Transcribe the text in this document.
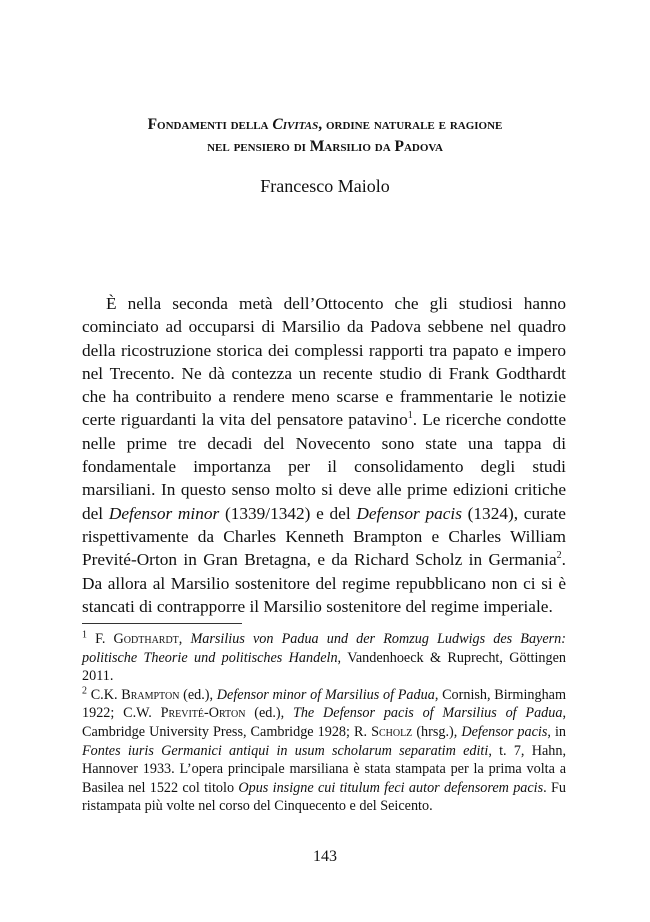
Fondamenti della Civitas, ordine naturale e ragione
nel pensiero di Marsilio da Padova
Francesco Maiolo

È nella seconda metà dell’Ottocento che gli studiosi hanno cominciato ad occuparsi di Marsilio da Padova sebbene nel quadro della ricostruzione storica dei complessi rapporti tra papato e impero nel Trecento. Ne dà contezza un recente studio di Frank Godthardt che ha contribuito a rendere meno scarse e frammentarie le notizie certe riguardanti la vita del pensatore patavino$^1$. Le ricerche condotte nelle prime tre decadi del Novecento sono state una tappa di fondamentale importanza per il consolidamento degli studi marsiliani. In questo senso molto si deve alle prime edizioni critiche del Defensor minor (1339/1342) e del Defensor pacis (1324), curate rispettivamente da Charles Kenneth Brampton e Charles William Previté-Orton in Gran Bretagna, e da Richard Scholz in Germania$^2$. Da allora al Marsilio sostenitore del regime repubblicano non ci si è stancati di contrapporre il Marsilio sostenitore del regime imperiale.

$^1$ F. Godthardt, Marsilius von Padua und der Romzug Ludwigs des Bayern: politische Theorie und politisches Handeln, Vandenhoeck & Ruprecht, Göttingen 2011.

$^2$ C.K. Brampton (ed.), Defensor minor of Marsilius of Padua, Cornish, Birmingham 1922; C.W. Previté-Orton (ed.), The Defensor pacis of Marsilius of Padua, Cambridge University Press, Cambridge 1928; R. Scholz (hrsg.), Defensor pacis, in Fontes iuris Germanici antiqui in usum scholarum separatim editi, t. 7, Hahn, Hannover 1933. L’opera principale marsiliana è stata stampata per la prima volta a Basilea nel 1522 col titolo Opus insigne cui titulum feci autor defensorem pacis. Fu ristampata più volte nel corso del Cinquecento e del Seicento.

143
